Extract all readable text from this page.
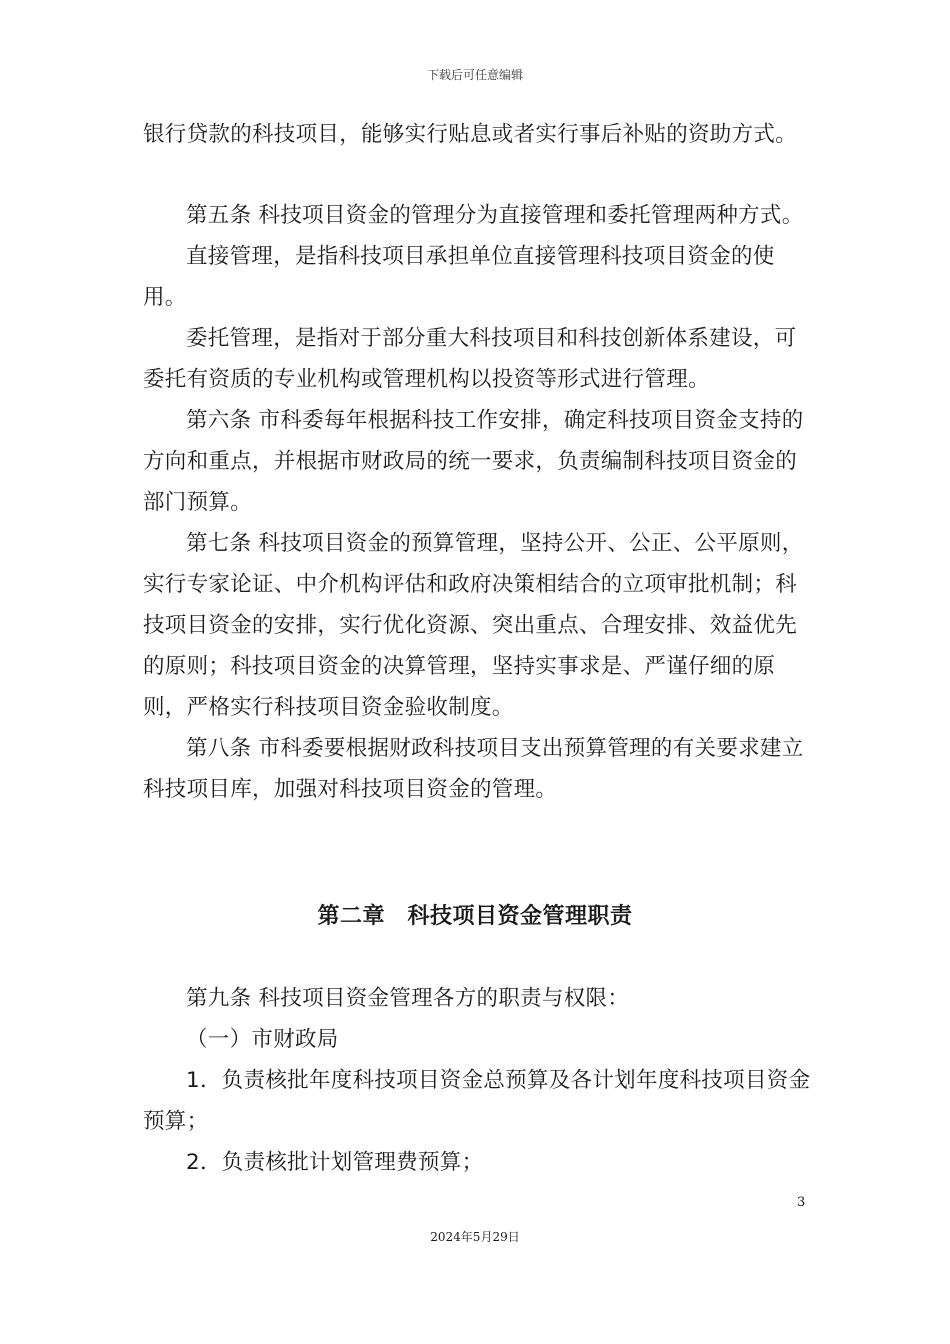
下载后可任意编辑

银行贷款的科技项目，能够实行贴息或者实行事后补贴的资助方式。

第五条 科技项目资金的管理分为直接管理和委托管理两种方式。

直接管理，是指科技项目承担单位直接管理科技项目资金的使用。

委托管理，是指对于部分重大科技项目和科技创新体系建设，可委托有资质的专业机构或管理机构以投资等形式进行管理。

第六条 市科委每年根据科技工作安排，确定科技项目资金支持的方向和重点，并根据市财政局的统一要求，负责编制科技项目资金的部门预算。

第七条 科技项目资金的预算管理，坚持公开、公正、公平原则，实行专家论证、中介机构评估和政府决策相结合的立项审批机制；科技项目资金的安排，实行优化资源、突出重点、合理安排、效益优先的原则；科技项目资金的决算管理，坚持实事求是、严谨仔细的原则，严格实行科技项目资金验收制度。

第八条 市科委要根据财政科技项目支出预算管理的有关要求建立科技项目库，加强对科技项目资金的管理。

第二章　科技项目资金管理职责

第九条 科技项目资金管理各方的职责与权限：

（一）市财政局

1．负责核批年度科技项目资金总预算及各计划年度科技项目资金预算；

2．负责核批计划管理费预算；

3
2024年5月29日
